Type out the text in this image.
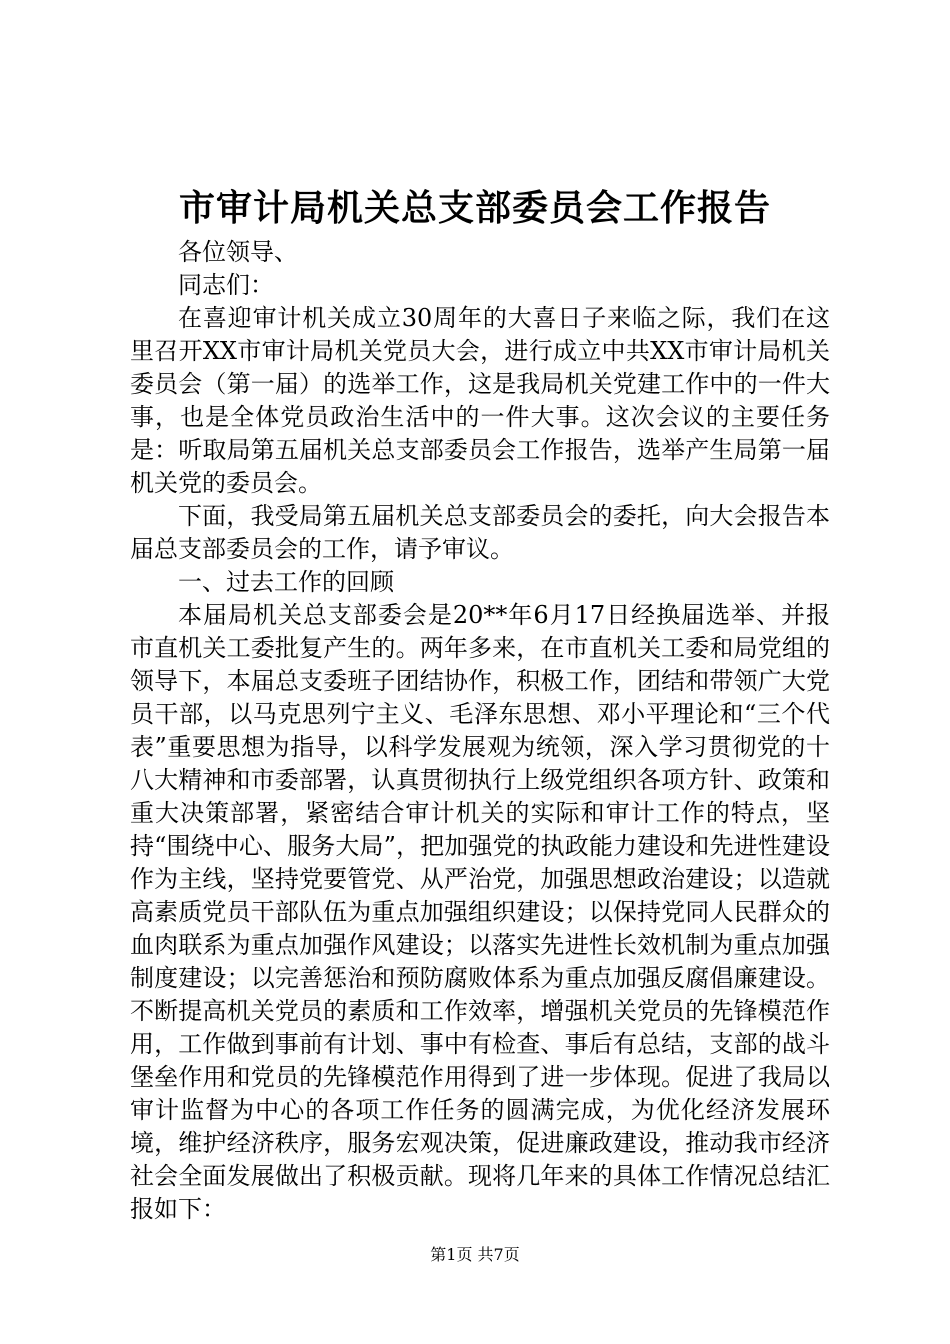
市审计局机关总支部委员会工作报告

各位领导、

同志们：

在喜迎审计机关成立30周年的大喜日子来临之际，我们在这里召开XX市审计局机关党员大会，进行成立中共XX市审计局机关委员会（第一届）的选举工作，这是我局机关党建工作中的一件大事，也是全体党员政治生活中的一件大事。这次会议的主要任务是：听取局第五届机关总支部委员会工作报告，选举产生局第一届机关党的委员会。

下面，我受局第五届机关总支部委员会的委托，向大会报告本届总支部委员会的工作，请予审议。

一、过去工作的回顾

本届局机关总支部委会是20**年6月17日经换届选举、并报市直机关工委批复产生的。两年多来，在市直机关工委和局党组的领导下，本届总支委班子团结协作，积极工作，团结和带领广大党员干部，以马克思列宁主义、毛泽东思想、邓小平理论和“三个代表”重要思想为指导，以科学发展观为统领，深入学习贯彻党的十八大精神和市委部署，认真贯彻执行上级党组织各项方针、政策和重大决策部署，紧密结合审计机关的实际和审计工作的特点，坚持“围绕中心、服务大局”，把加强党的执政能力建设和先进性建设作为主线，坚持党要管党、从严治党，加强思想政治建设；以造就高素质党员干部队伍为重点加强组织建设；以保持党同人民群众的血肉联系为重点加强作风建设；以落实先进性长效机制为重点加强制度建设；以完善惩治和预防腐败体系为重点加强反腐倡廉建设。不断提高机关党员的素质和工作效率，增强机关党员的先锋模范作用，工作做到事前有计划、事中有检查、事后有总结，支部的战斗堡垒作用和党员的先锋模范作用得到了进一步体现。促进了我局以审计监督为中心的各项工作任务的圆满完成，为优化经济发展环境，维护经济秩序，服务宏观决策，促进廉政建设，推动我市经济社会全面发展做出了积极贡献。现将几年来的具体工作情况总结汇报如下：

第1页 共7页
